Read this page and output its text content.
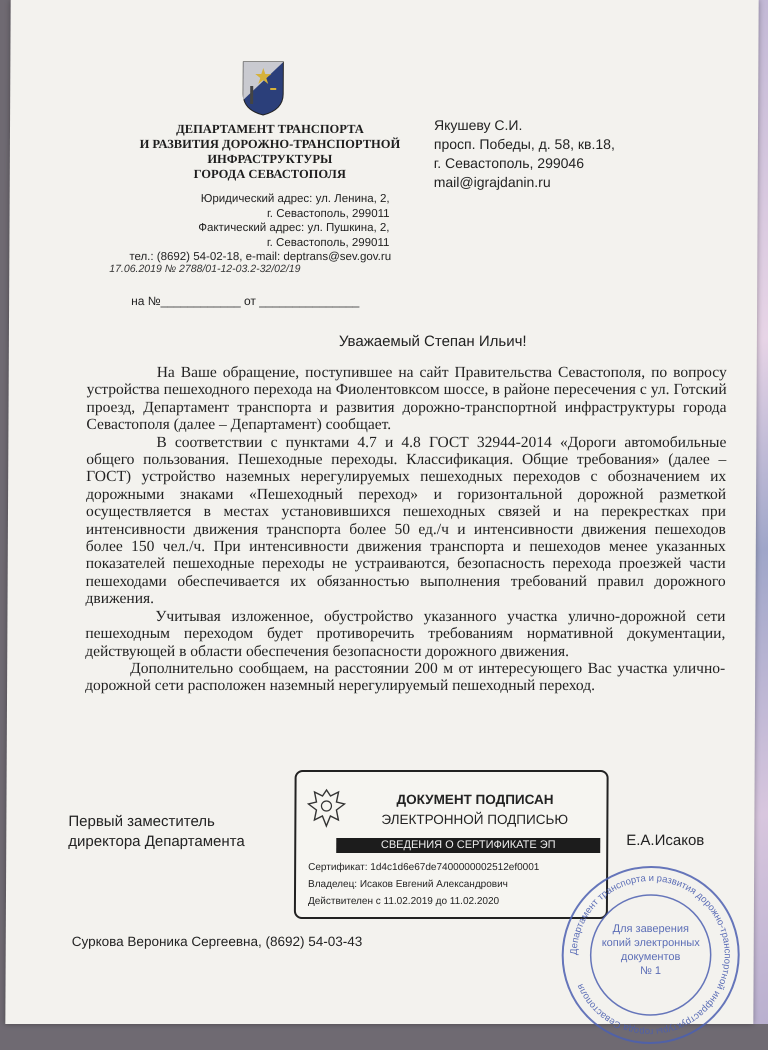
ДЕПАРТАМЕНТ ТРАНСПОРТА
И РАЗВИТИЯ ДОРОЖНО-ТРАНСПОРТНОЙ
ИНФРАСТРУКТУРЫ
ГОРОДА СЕВАСТОПОЛЯ
Юридический адрес: ул. Ленина, 2,
г. Севастополь, 299011
Фактический адрес: ул. Пушкина, 2,
г. Севастополь, 299011
тел.: (8692) 54-02-18, e-mail: deptrans@sev.gov.ru
17.06.2019 № 2788/01-12-03.2-32/02/19
на №____________ от _______________
Якушеву С.И.
просп. Победы, д. 58, кв.18,
г. Севастополь, 299046
mail@igrajdanin.ru
Уважаемый Степан Ильич!

На Ваше обращение, поступившее на сайт Правительства Севастополя, по вопросу устройства пешеходного перехода на Фиолентовксом шоссе, в районе пересечения с ул. Готский проезд, Департамент транспорта и развития дорожно-транспортной инфраструктуры города Севастополя (далее – Департамент) сообщает.

В соответствии с пунктами 4.7 и 4.8 ГОСТ 32944-2014 «Дороги автомобильные общего пользования. Пешеходные переходы. Классификация. Общие требования» (далее – ГОСТ) устройство наземных нерегулируемых пешеходных переходов с обозначением их дорожными знаками «Пешеходный переход» и горизонтальной дорожной разметкой осуществляется в местах установившихся пешеходных связей и на перекрестках при интенсивности движения транспорта более 50 ед./ч и интенсивности движения пешеходов более 150 чел./ч. При интенсивности движения транспорта и пешеходов менее указанных показателей пешеходные переходы не устраиваются, безопасность перехода проезжей части пешеходами обеспечивается их обязанностью выполнения требований правил дорожного движения.

Учитывая изложенное, обустройство указанного участка улично-дорожной сети пешеходным переходом будет противоречить требованиям нормативной документации, действующей в области обеспечения безопасности дорожного движения.

Дополнительно сообщаем, на расстоянии 200 м от интересующего Вас участка улично-дорожной сети расположен наземный нерегулируемый пешеходный переход.

Первый заместитель
директора Департамента
ДОКУМЕНТ ПОДПИСАН
ЭЛЕКТРОННОЙ ПОДПИСЬЮ
СВЕДЕНИЯ О СЕРТИФИКАТЕ ЭП
Сертификат: 1d4c1d6e67de7400000002512ef0001
Владелец: Исаков Евгений Александрович
Действителен с 11.02.2019 до 11.02.2020
Е.А.Исаков
Суркова Вероника Сергеевна, (8692) 54-03-43
Департамент транспорта и развития дорожно-транспортной инфраструктуры города Севастополя
Для заверения
копий электронных
документов
№ 1
